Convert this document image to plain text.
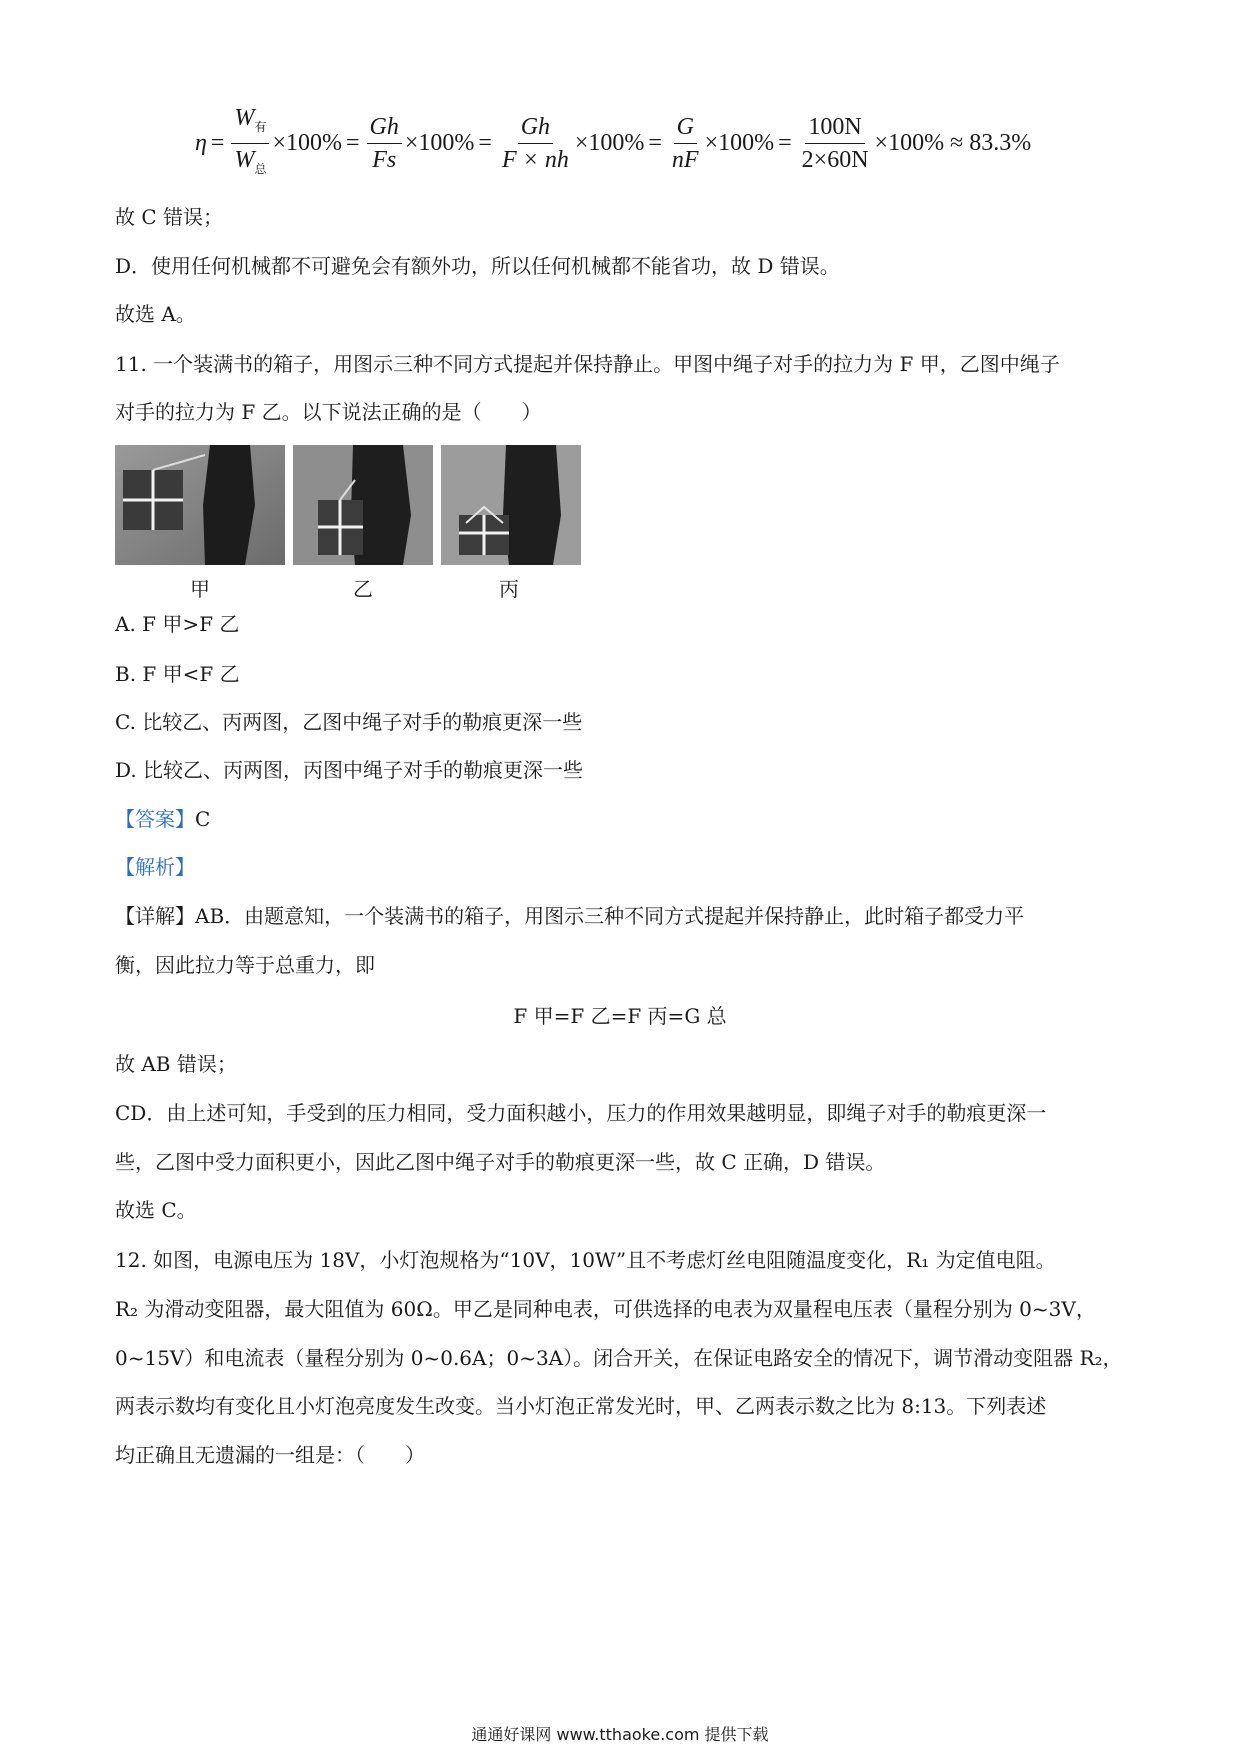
$\eta = \frac{W_有}{W_总} \times 100\% = \frac{Gh}{Fs} \times 100\% = \frac{Gh}{F \times nh} \times 100\% = \frac{G}{nF} \times 100\% = \frac{100N}{2\times 60N} \times 100\% \approx 83.3\%$
故 C 错误；
D．使用任何机械都不可避免会有额外功，所以任何机械都不能省功，故 D 错误。
故选 A。
11. 一个装满书的箱子，用图示三种不同方式提起并保持静止。甲图中绳子对手的拉力为 F 甲，乙图中绳子
对手的拉力为 F 乙。以下说法正确的是（　　）
甲	乙	丙
A. F 甲>F 乙
B. F 甲<F 乙
C. 比较乙、丙两图，乙图中绳子对手的勒痕更深一些
D. 比较乙、丙两图，丙图中绳子对手的勒痕更深一些
【答案】C
【解析】
【详解】AB．由题意知，一个装满书的箱子，用图示三种不同方式提起并保持静止，此时箱子都受力平
衡，因此拉力等于总重力，即
F 甲=F 乙=F 丙=G 总
故 AB 错误；
CD．由上述可知，手受到的压力相同，受力面积越小，压力的作用效果越明显，即绳子对手的勒痕更深一
些，乙图中受力面积更小，因此乙图中绳子对手的勒痕更深一些，故 C 正确，D 错误。
故选 C。
12. 如图，电源电压为 18V，小灯泡规格为“10V，10W”且不考虑灯丝电阻随温度变化，R₁ 为定值电阻。
R₂ 为滑动变阻器，最大阻值为 60Ω。甲乙是同种电表，可供选择的电表为双量程电压表（量程分别为 0~3V，
0~15V）和电流表（量程分别为 0~0.6A；0~3A）。闭合开关，在保证电路安全的情况下，调节滑动变阻器 R₂，
两表示数均有变化且小灯泡亮度发生改变。当小灯泡正常发光时，甲、乙两表示数之比为 8:13。下列表述
均正确且无遗漏的一组是：（　　）
通通好课网 www.tthaoke.com 提供下载
